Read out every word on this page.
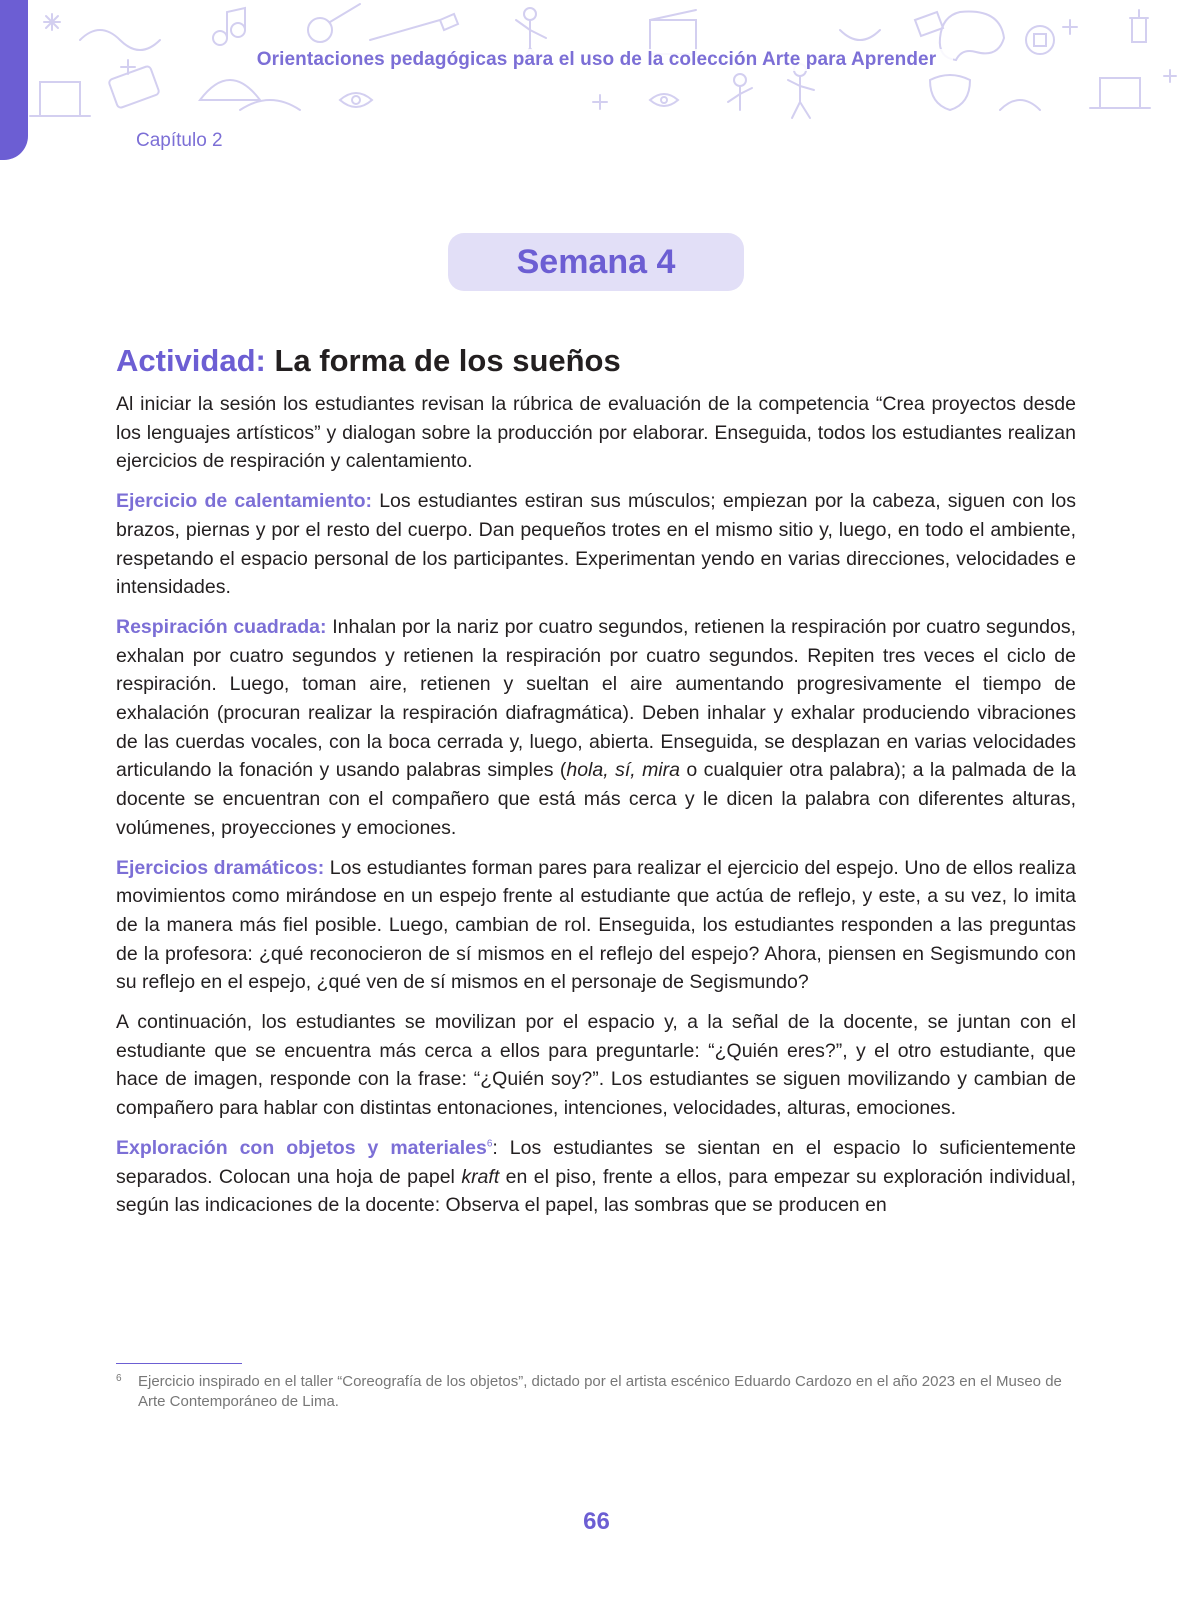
Orientaciones pedagógicas para el uso de la colección Arte para Aprender
Capítulo 2
Semana 4
Actividad: La forma de los sueños

Al iniciar la sesión los estudiantes revisan la rúbrica de evaluación de la competencia “Crea proyectos desde los lenguajes artísticos” y dialogan sobre la producción por elaborar. Enseguida, todos los estudiantes realizan ejercicios de respiración y calentamiento.

Ejercicio de calentamiento: Los estudiantes estiran sus músculos; empiezan por la cabeza, siguen con los brazos, piernas y por el resto del cuerpo. Dan pequeños trotes en el mismo sitio y, luego, en todo el ambiente, respetando el espacio personal de los participantes. Experimentan yendo en varias direcciones, velocidades e intensidades.

Respiración cuadrada: Inhalan por la nariz por cuatro segundos, retienen la respiración por cuatro segundos, exhalan por cuatro segundos y retienen la respiración por cuatro segundos. Repiten tres veces el ciclo de respiración. Luego, toman aire, retienen y sueltan el aire aumentando progresivamente el tiempo de exhalación (procuran realizar la respiración diafragmática). Deben inhalar y exhalar produciendo vibraciones de las cuerdas vocales, con la boca cerrada y, luego, abierta. Enseguida, se desplazan en varias velocidades articulando la fonación y usando palabras simples (hola, sí, mira o cualquier otra palabra); a la palmada de la docente se encuentran con el compañero que está más cerca y le dicen la palabra con diferentes alturas, volúmenes, proyecciones y emociones.

Ejercicios dramáticos: Los estudiantes forman pares para realizar el ejercicio del espejo. Uno de ellos realiza movimientos como mirándose en un espejo frente al estudiante que actúa de reflejo, y este, a su vez, lo imita de la manera más fiel posible. Luego, cambian de rol. Enseguida, los estudiantes responden a las preguntas de la profesora: ¿qué reconocieron de sí mismos en el reflejo del espejo? Ahora, piensen en Segismundo con su reflejo en el espejo, ¿qué ven de sí mismos en el personaje de Segismundo?

A continuación, los estudiantes se movilizan por el espacio y, a la señal de la docente, se juntan con el estudiante que se encuentra más cerca a ellos para preguntarle: “¿Quién eres?”, y el otro estudiante, que hace de imagen, responde con la frase: “¿Quién soy?”. Los estudiantes se siguen movilizando y cambian de compañero para hablar con distintas entonaciones, intenciones, velocidades, alturas, emociones.

Exploración con objetos y materiales$^6$: Los estudiantes se sientan en el espacio lo suficientemente separados. Colocan una hoja de papel kraft en el piso, frente a ellos, para empezar su exploración individual, según las indicaciones de la docente: Observa el papel, las sombras que se producen en

6	Ejercicio inspirado en el taller “Coreografía de los objetos”, dictado por el artista escénico Eduardo Cardozo en el año 2023 en el Museo de Arte Contemporáneo de Lima.
66
